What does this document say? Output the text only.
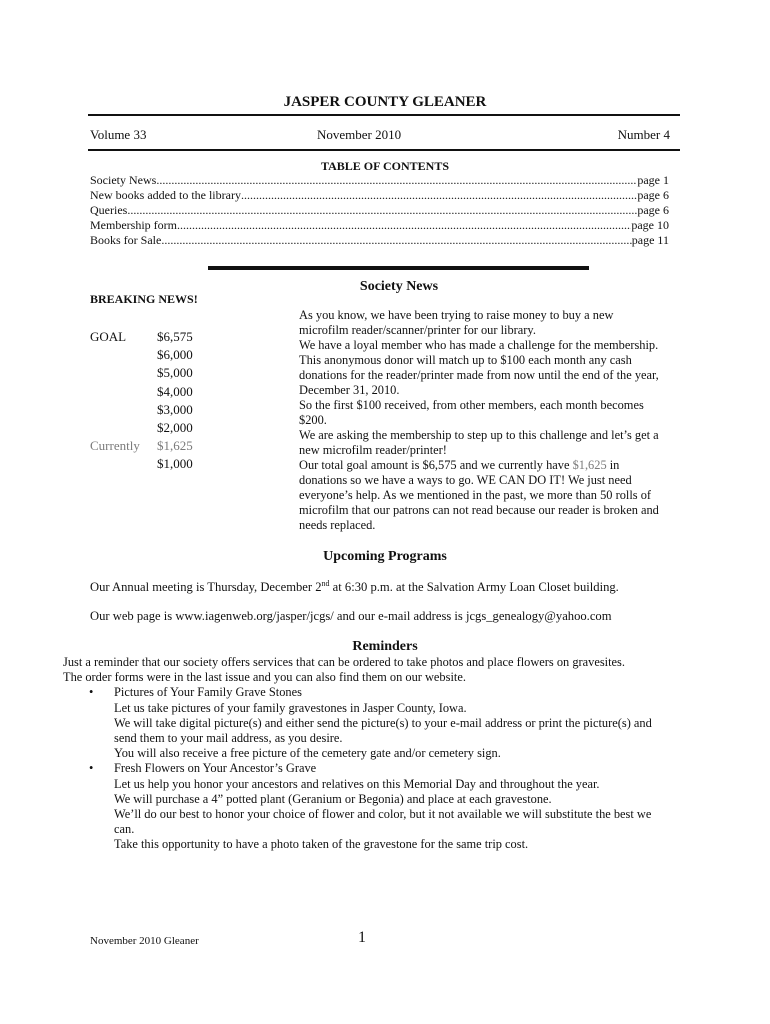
JASPER COUNTY GLEANER
Volume 33	November 2010	Number 4
TABLE OF CONTENTS
Society News .....	page 1
New books added to the library .....	page 6
Queries .....	page 6
Membership form .....	page 10
Books for Sale .....	page 11
Society News
BREAKING NEWS!
GOAL $6,575
$6,000
$5,000
$4,000
$3,000
$2,000
Currently $1,625
$1,000
As you know, we have been trying to raise money to buy a new
microfilm reader/scanner/printer for our library.
We have a loyal member who has made a challenge for the membership.
This anonymous donor will match up to $100 each month any cash
donations for the reader/printer made from now until the end of the year,
December 31, 2010.
So the first $100 received, from other members, each month becomes
$200.
We are asking the membership to step up to this challenge and let’s get a
new microfilm reader/printer!
Our total goal amount is $6,575 and we currently have $1,625 in
donations so we have a ways to go. WE CAN DO IT! We just need
everyone’s help. As we mentioned in the past, we more than 50 rolls of
microfilm that our patrons can not read because our reader is broken and
needs replaced.
Upcoming Programs
Our Annual meeting is Thursday, December 2nd at 6:30 p.m. at the Salvation Army Loan Closet building.
Our web page is www.iagenweb.org/jasper/jcgs/ and our e-mail address is jcgs_genealogy@yahoo.com
Reminders
Just a reminder that our society offers services that can be ordered to take photos and place flowers on gravesites.
The order forms were in the last issue and you can also find them on our website.
• Pictures of Your Family Grave Stones
Let us take pictures of your family gravestones in Jasper County, Iowa.
We will take digital picture(s) and either send the picture(s) to your e-mail address or print the picture(s) and
send them to your mail address, as you desire.
You will also receive a free picture of the cemetery gate and/or cemetery sign.
• Fresh Flowers on Your Ancestor’s Grave
Let us help you honor your ancestors and relatives on this Memorial Day and throughout the year.
We will purchase a 4” potted plant (Geranium or Begonia) and place at each gravestone.
We’ll do our best to honor your choice of flower and color, but it not available we will substitute the best we
can.
Take this opportunity to have a photo taken of the gravestone for the same trip cost.
November 2010 Gleaner	1
